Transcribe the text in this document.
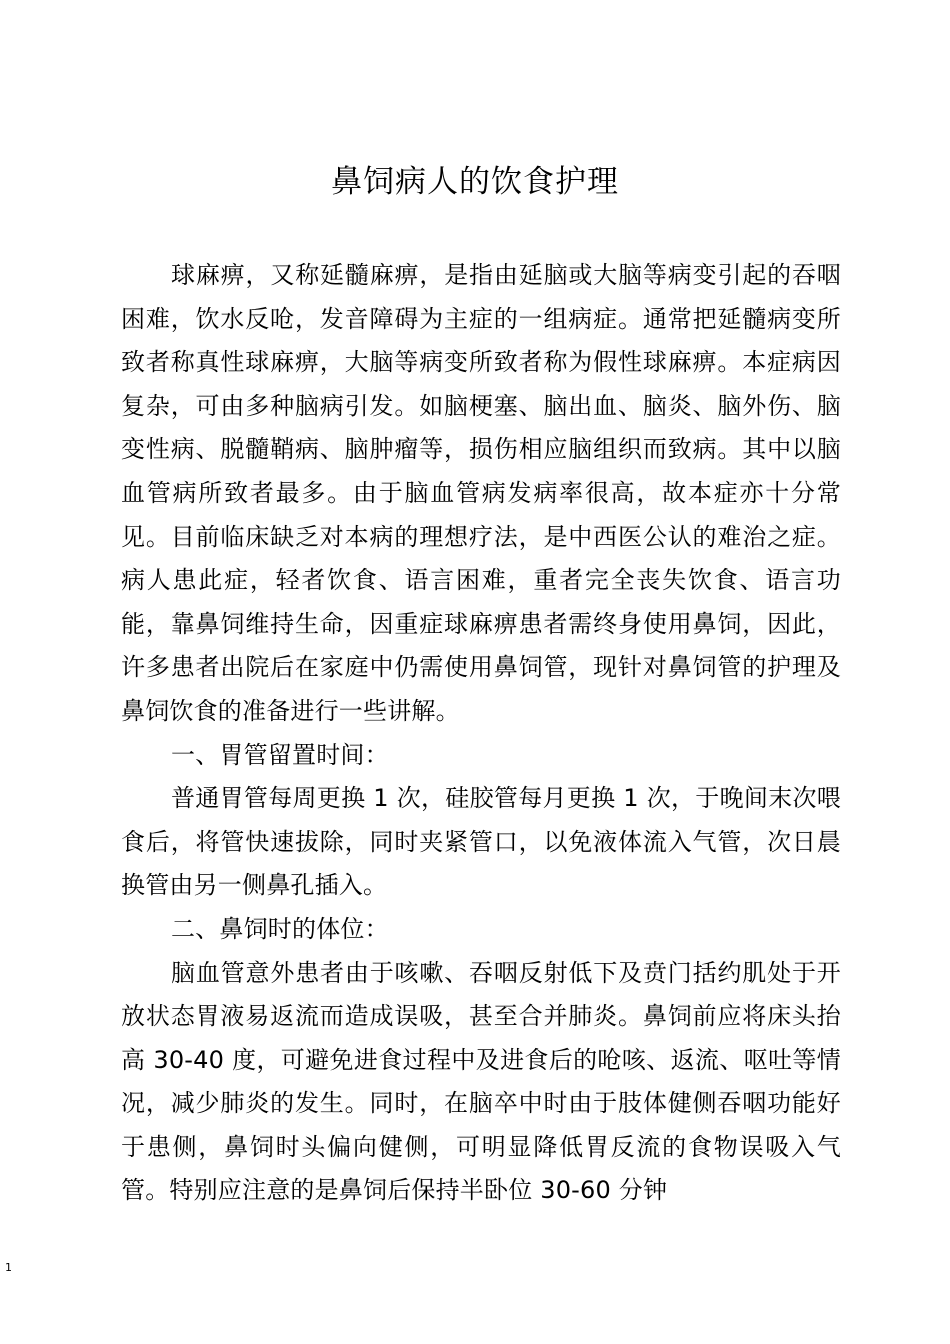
鼻饲病人的饮食护理

球麻痹，又称延髓麻痹，是指由延脑或大脑等病变引起的吞咽困难，饮水反呛，发音障碍为主症的一组病症。通常把延髓病变所致者称真性球麻痹，大脑等病变所致者称为假性球麻痹。本症病因复杂，可由多种脑病引发。如脑梗塞、脑出血、脑炎、脑外伤、脑变性病、脱髓鞘病、脑肿瘤等，损伤相应脑组织而致病。其中以脑血管病所致者最多。由于脑血管病发病率很高，故本症亦十分常见。目前临床缺乏对本病的理想疗法，是中西医公认的难治之症。病人患此症，轻者饮食、语言困难，重者完全丧失饮食、语言功能，靠鼻饲维持生命，因重症球麻痹患者需终身使用鼻饲，因此，许多患者出院后在家庭中仍需使用鼻饲管，现针对鼻饲管的护理及鼻饲饮食的准备进行一些讲解。

一、胃管留置时间：

普通胃管每周更换 1 次，硅胶管每月更换 1 次，于晚间末次喂食后，将管快速拔除，同时夹紧管口，以免液体流入气管，次日晨换管由另一侧鼻孔插入。

二、鼻饲时的体位：

脑血管意外患者由于咳嗽、吞咽反射低下及贲门括约肌处于开放状态胃液易返流而造成误吸，甚至合并肺炎。鼻饲前应将床头抬高 30-40 度，可避免进食过程中及进食后的呛咳、返流、呕吐等情况，减少肺炎的发生。同时，在脑卒中时由于肢体健侧吞咽功能好于患侧，鼻饲时头偏向健侧，可明显降低胃反流的食物误吸入气管。特别应注意的是鼻饲后保持半卧位 30-60 分钟

1
